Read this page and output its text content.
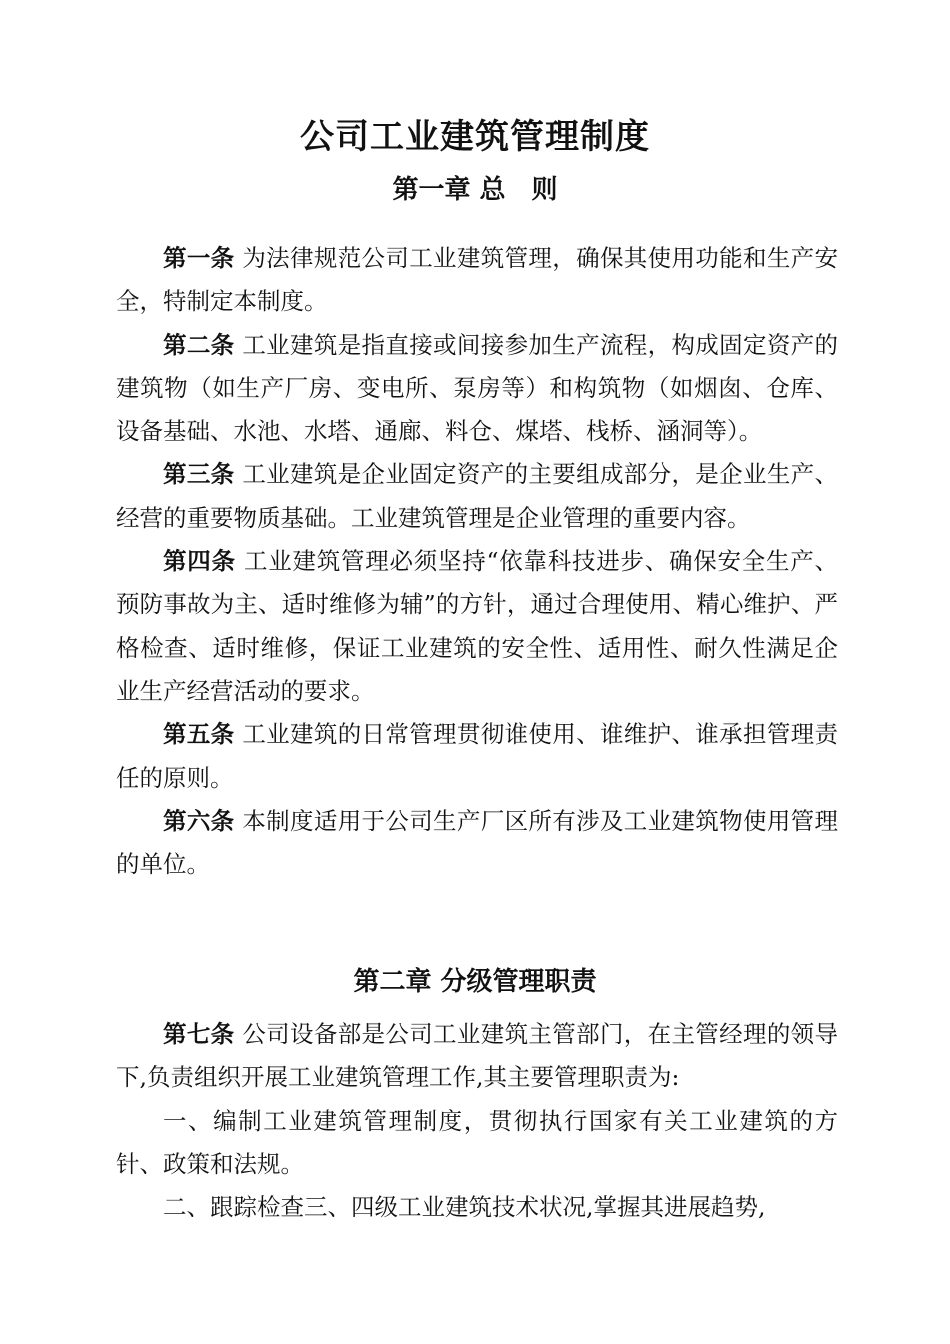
公司工业建筑管理制度
第一章 总　则

第一条 为法律规范公司工业建筑管理，确保其使用功能和生产安全，特制定本制度。

第二条 工业建筑是指直接或间接参加生产流程，构成固定资产的建筑物（如生产厂房、变电所、泵房等）和构筑物（如烟囱、仓库、设备基础、水池、水塔、通廊、料仓、煤塔、栈桥、涵洞等）。

第三条 工业建筑是企业固定资产的主要组成部分，是企业生产、经营的重要物质基础。工业建筑管理是企业管理的重要内容。

第四条 工业建筑管理必须坚持“依靠科技进步、确保安全生产、预防事故为主、适时维修为辅”的方针，通过合理使用、精心维护、严格检查、适时维修，保证工业建筑的安全性、适用性、耐久性满足企业生产经营活动的要求。

第五条 工业建筑的日常管理贯彻谁使用、谁维护、谁承担管理责任的原则。

第六条 本制度适用于公司生产厂区所有涉及工业建筑物使用管理的单位。

第二章 分级管理职责

第七条 公司设备部是公司工业建筑主管部门，在主管经理的领导下,负责组织开展工业建筑管理工作,其主要管理职责为:

一、编制工业建筑管理制度，贯彻执行国家有关工业建筑的方针、政策和法规。

二、跟踪检查三、四级工业建筑技术状况,掌握其进展趋势,
